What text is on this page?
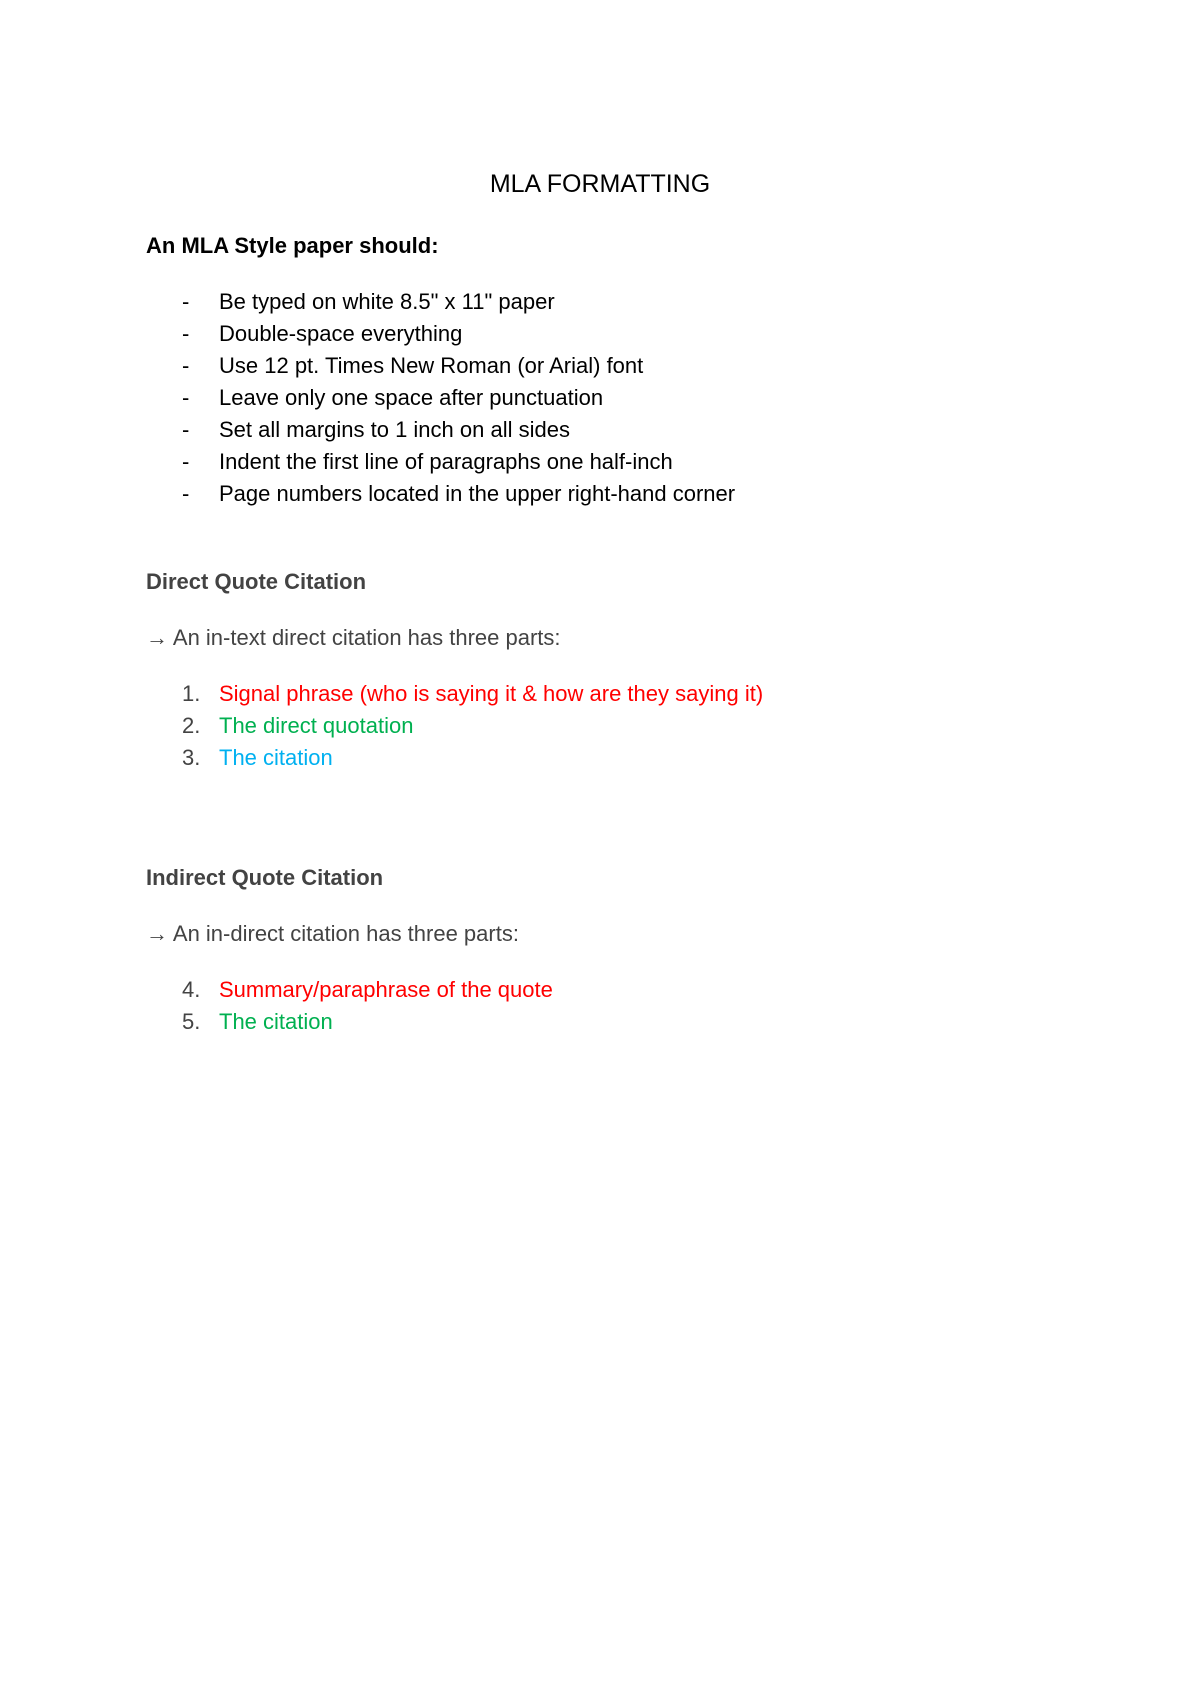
MLA FORMATTING

An MLA Style paper should:

- Be typed on white 8.5" x 11" paper
- Double-space everything
- Use 12 pt. Times New Roman (or Arial) font
- Leave only one space after punctuation
- Set all margins to 1 inch on all sides
- Indent the first line of paragraphs one half-inch
- Page numbers located in the upper right-hand corner

Direct Quote Citation

→ An in-text direct citation has three parts:

1. Signal phrase (who is saying it & how are they saying it)
2. The direct quotation
3. The citation

Indirect Quote Citation

→ An in-direct citation has three parts:

4. Summary/paraphrase of the quote
5. The citation
